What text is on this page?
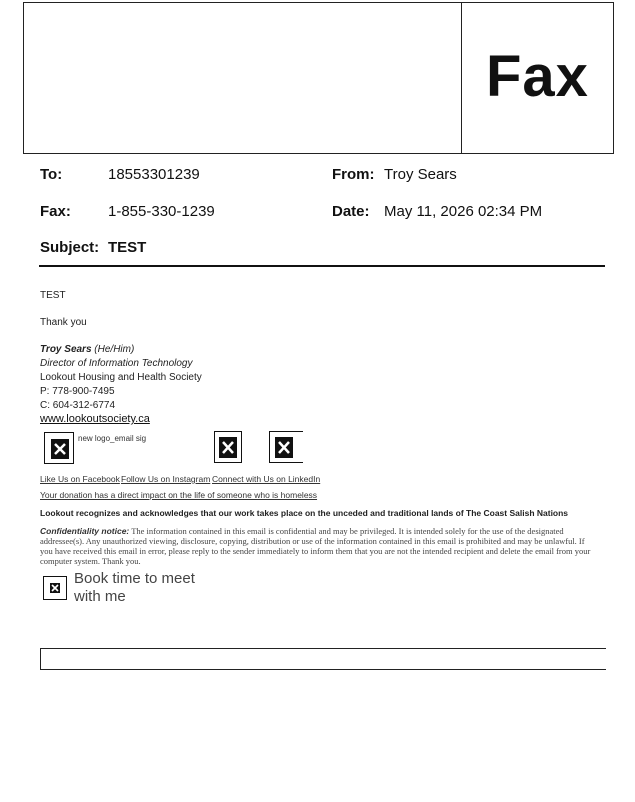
Fax
To:	18553301239	From: Troy Sears
Fax: 1-855-330-1239	Date: May 11, 2026 02:34 PM
Subject: TEST
TEST
Thank you
Troy Sears (He/Him)
Director of Information Technology
Lookout Housing and Health Society
P: 778-900-7495
C: 604-312-6774
www.lookoutsociety.ca
new logo_email sig
Like Us on Facebook Follow Us on Instagram Connect with Us on LinkedIn
Your donation has a direct impact on the life of someone who is homeless
Lookout recognizes and acknowledges that our work takes place on the unceded and traditional lands of The Coast Salish Nations
Confidentiality notice: The information contained in this email is confidential and may be privileged. It is intended solely for the use of the designated addressee(s). Any unauthorized viewing, disclosure, copying, distribution or use of the information contained in this email is prohibited and may be unlawful. If you have received this email in error, please reply to the sender immediately to inform them that you are not the intended recipient and delete the email from your computer system. Thank you.
Book time to meet with me
